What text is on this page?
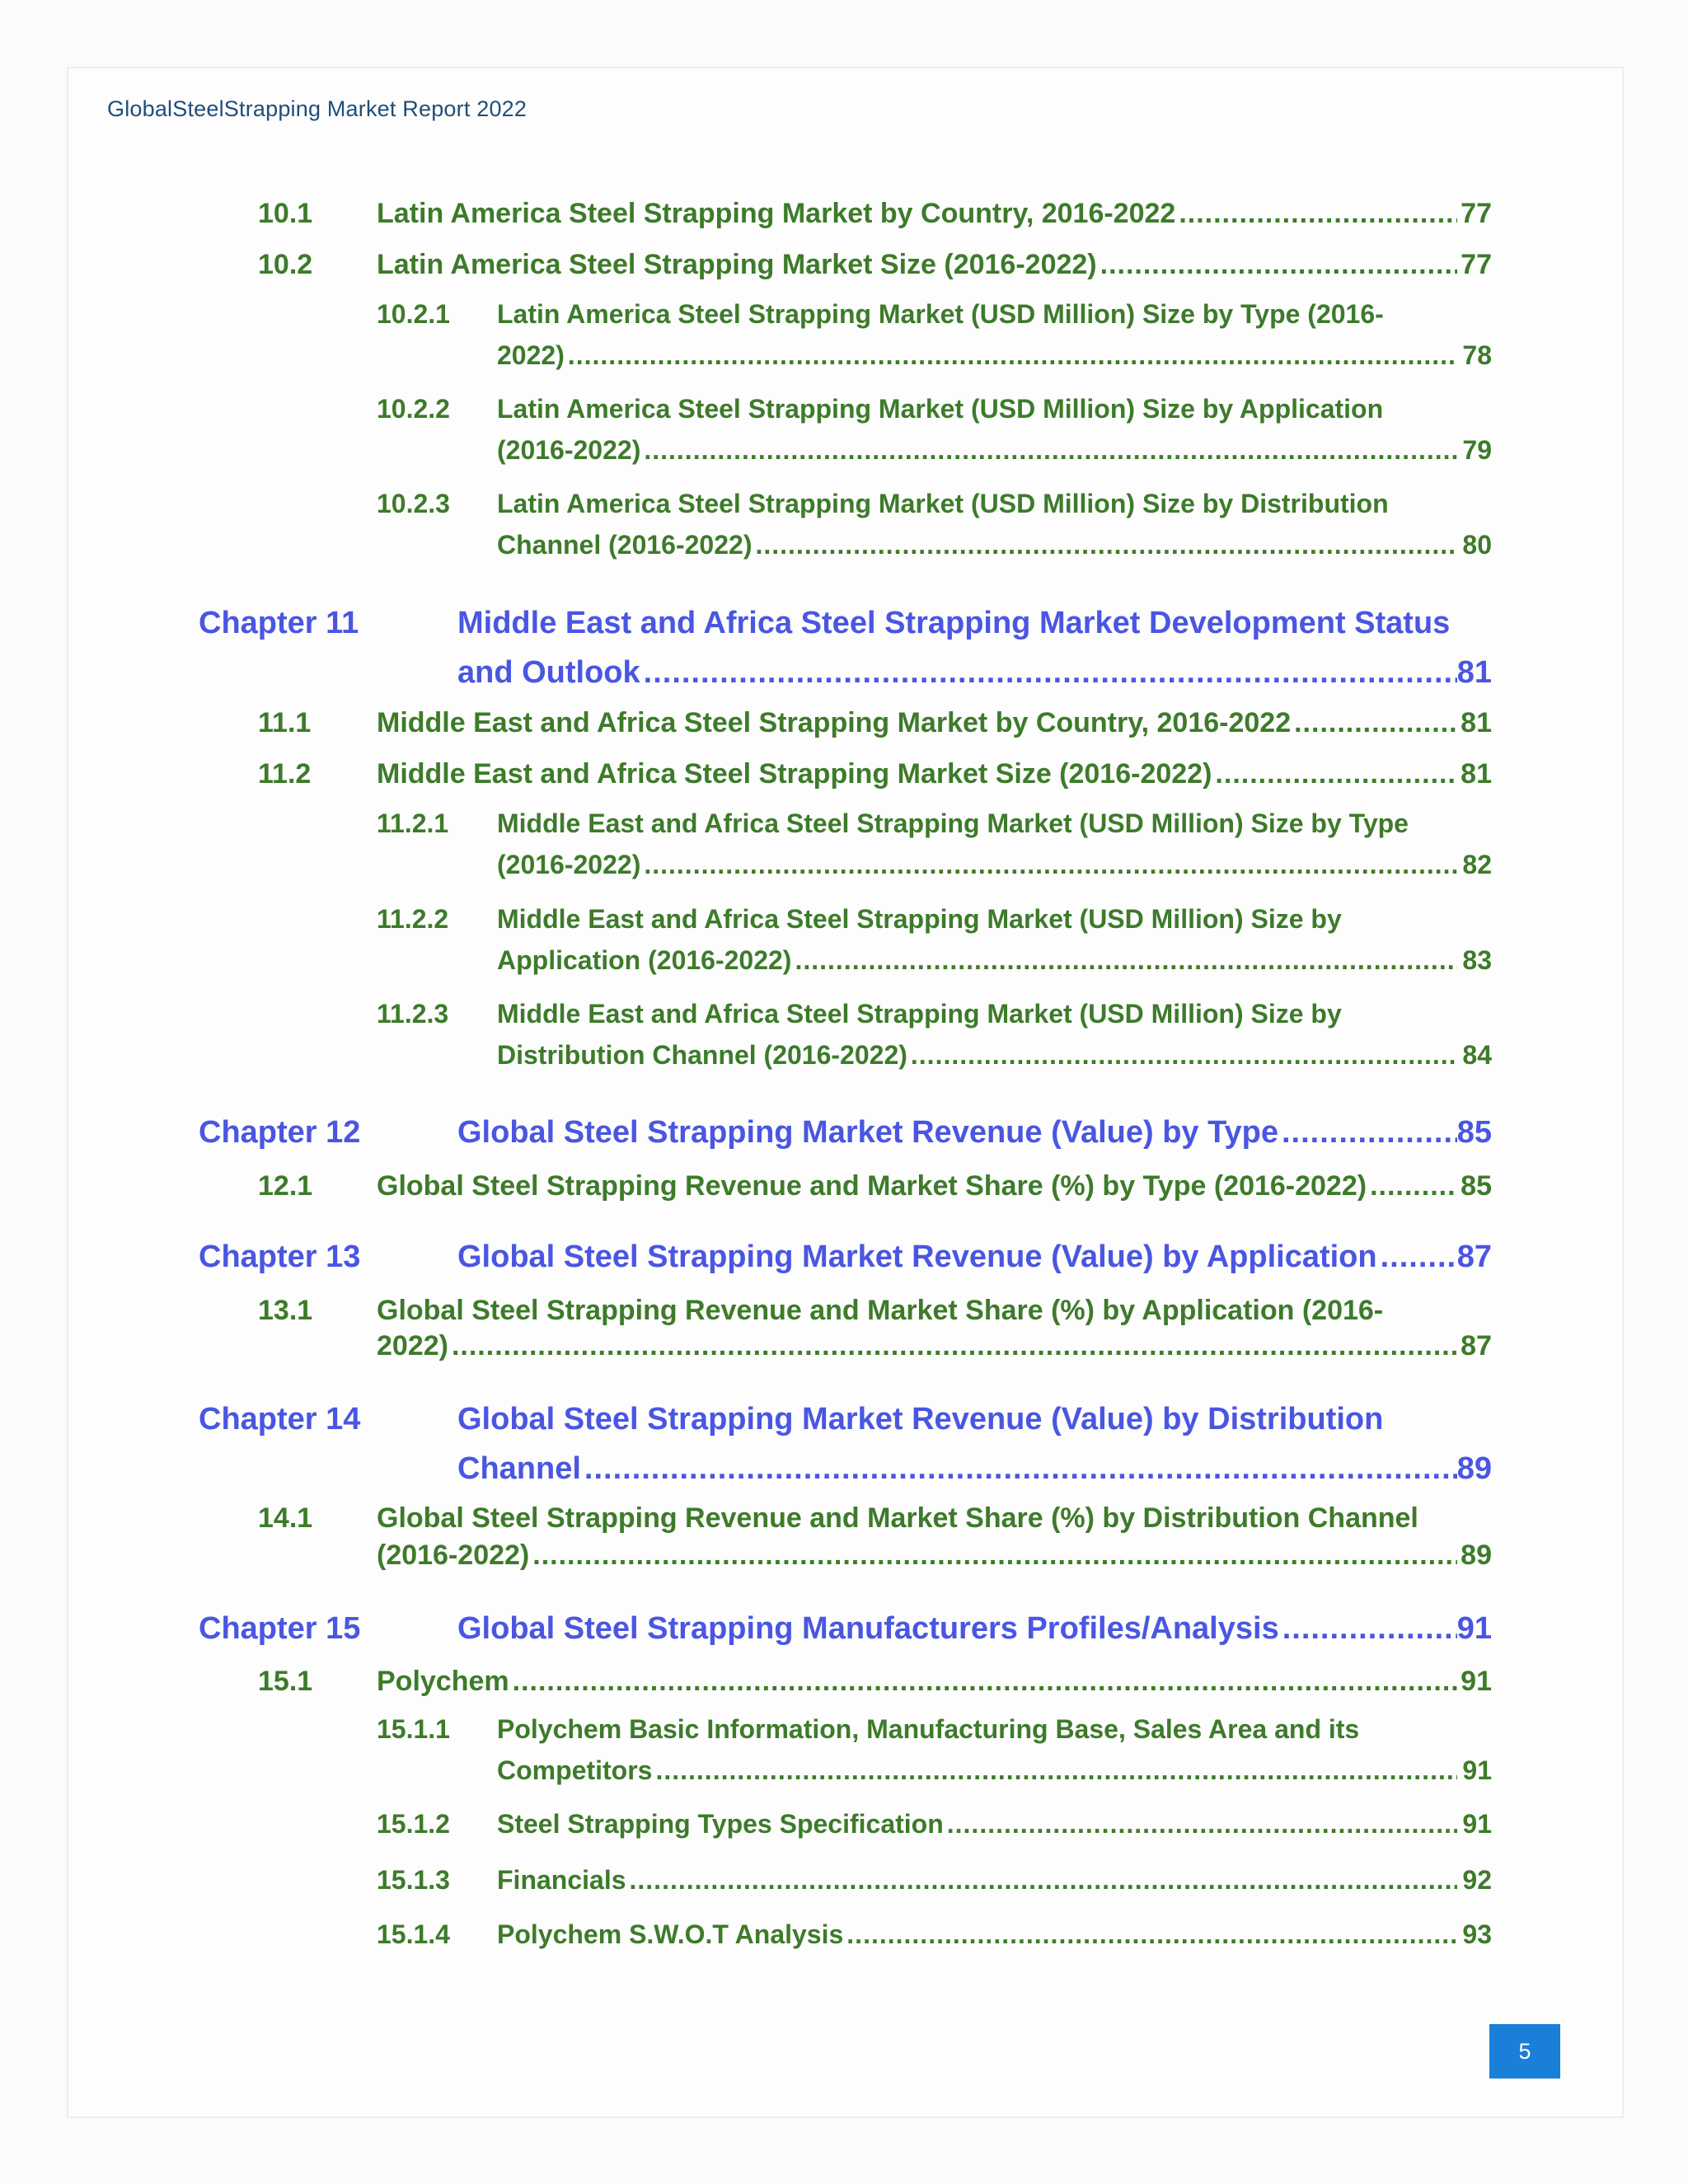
GlobalSteelStrapping Market Report 2022
10.1 Latin America Steel Strapping Market by Country, 2016-2022 .....	77
10.2 Latin America Steel Strapping Market Size (2016-2022) .....	77
10.2.1 Latin America Steel Strapping Market (USD Million) Size by Type (2016-
2022) .....	78
10.2.2 Latin America Steel Strapping Market (USD Million) Size by Application
(2016-2022) .....	79
10.2.3 Latin America Steel Strapping Market (USD Million) Size by Distribution
Channel (2016-2022) .....	80
Chapter 11	Middle East and Africa Steel Strapping Market Development Status
and Outlook .....	81
11.1 Middle East and Africa Steel Strapping Market by Country, 2016-2022 .....	81
11.2 Middle East and Africa Steel Strapping Market Size (2016-2022) .....	81
11.2.1 Middle East and Africa Steel Strapping Market (USD Million) Size by Type
(2016-2022) .....	82
11.2.2 Middle East and Africa Steel Strapping Market (USD Million) Size by
Application (2016-2022) .....	83
11.2.3 Middle East and Africa Steel Strapping Market (USD Million) Size by
Distribution Channel (2016-2022) .....	84
Chapter 12	Global Steel Strapping Market Revenue (Value) by Type .....	85
12.1 Global Steel Strapping Revenue and Market Share (%) by Type (2016-2022) .....	85
Chapter 13	Global Steel Strapping Market Revenue (Value) by Application .....	87
13.1 Global Steel Strapping Revenue and Market Share (%) by Application (2016-
2022) .....	87
Chapter 14	Global Steel Strapping Market Revenue (Value) by Distribution
Channel .....	89
14.1 Global Steel Strapping Revenue and Market Share (%) by Distribution Channel
(2016-2022) .....	89
Chapter 15	Global Steel Strapping Manufacturers Profiles/Analysis .....	91
15.1 Polychem .....	91
15.1.1 Polychem Basic Information, Manufacturing Base, Sales Area and its
Competitors .....	91
15.1.2 Steel Strapping Types Specification .....	91
15.1.3 Financials .....	92
15.1.4 Polychem S.W.O.T Analysis .....	93
5
